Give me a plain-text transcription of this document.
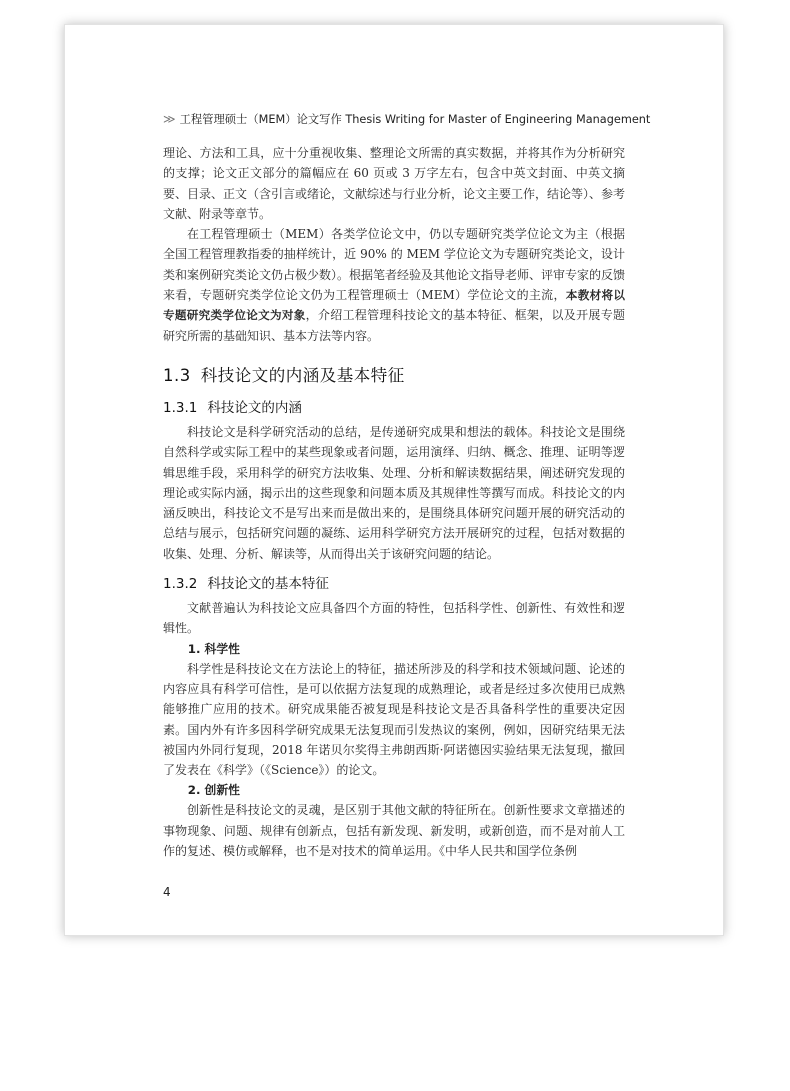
≫ 工程管理硕士（MEM）论文写作 Thesis Writing for Master of Engineering Management

理论、方法和工具，应十分重视收集、整理论文所需的真实数据，并将其作为分析研究的支撑；论文正文部分的篇幅应在 60 页或 3 万字左右，包含中英文封面、中英文摘要、目录、正文（含引言或绪论，文献综述与行业分析，论文主要工作，结论等）、参考文献、附录等章节。

在工程管理硕士（MEM）各类学位论文中，仍以专题研究类学位论文为主（根据全国工程管理教指委的抽样统计，近 90% 的 MEM 学位论文为专题研究类论文，设计类和案例研究类论文仍占极少数）。根据笔者经验及其他论文指导老师、评审专家的反馈来看，专题研究类学位论文仍为工程管理硕士（MEM）学位论文的主流，本教材将以专题研究类学位论文为对象，介绍工程管理科技论文的基本特征、框架，以及开展专题研究所需的基础知识、基本方法等内容。

1.3 科技论文的内涵及基本特征
1.3.1 科技论文的内涵

科技论文是科学研究活动的总结，是传递研究成果和想法的载体。科技论文是围绕自然科学或实际工程中的某些现象或者问题，运用演绎、归纳、概念、推理、证明等逻辑思维手段，采用科学的研究方法收集、处理、分析和解读数据结果，阐述研究发现的理论或实际内涵，揭示出的这些现象和问题本质及其规律性等撰写而成。科技论文的内涵反映出，科技论文不是写出来而是做出来的，是围绕具体研究问题开展的研究活动的总结与展示，包括研究问题的凝练、运用科学研究方法开展研究的过程，包括对数据的收集、处理、分析、解读等，从而得出关于该研究问题的结论。

1.3.2 科技论文的基本特征

文献普遍认为科技论文应具备四个方面的特性，包括科学性、创新性、有效性和逻辑性。

1. 科学性

科学性是科技论文在方法论上的特征，描述所涉及的科学和技术领域问题、论述的内容应具有科学可信性，是可以依据方法复现的成熟理论，或者是经过多次使用已成熟能够推广应用的技术。研究成果能否被复现是科技论文是否具备科学性的重要决定因素。国内外有许多因科学研究成果无法复现而引发热议的案例，例如，因研究结果无法被国内外同行复现，2018 年诺贝尔奖得主弗朗西斯·阿诺德因实验结果无法复现，撤回了发表在《科学》（《Science》）的论文。

2. 创新性

创新性是科技论文的灵魂，是区别于其他文献的特征所在。创新性要求文章描述的事物现象、问题、规律有创新点，包括有新发现、新发明，或新创造，而不是对前人工作的复述、模仿或解释，也不是对技术的简单运用。《中华人民共和国学位条例

4
